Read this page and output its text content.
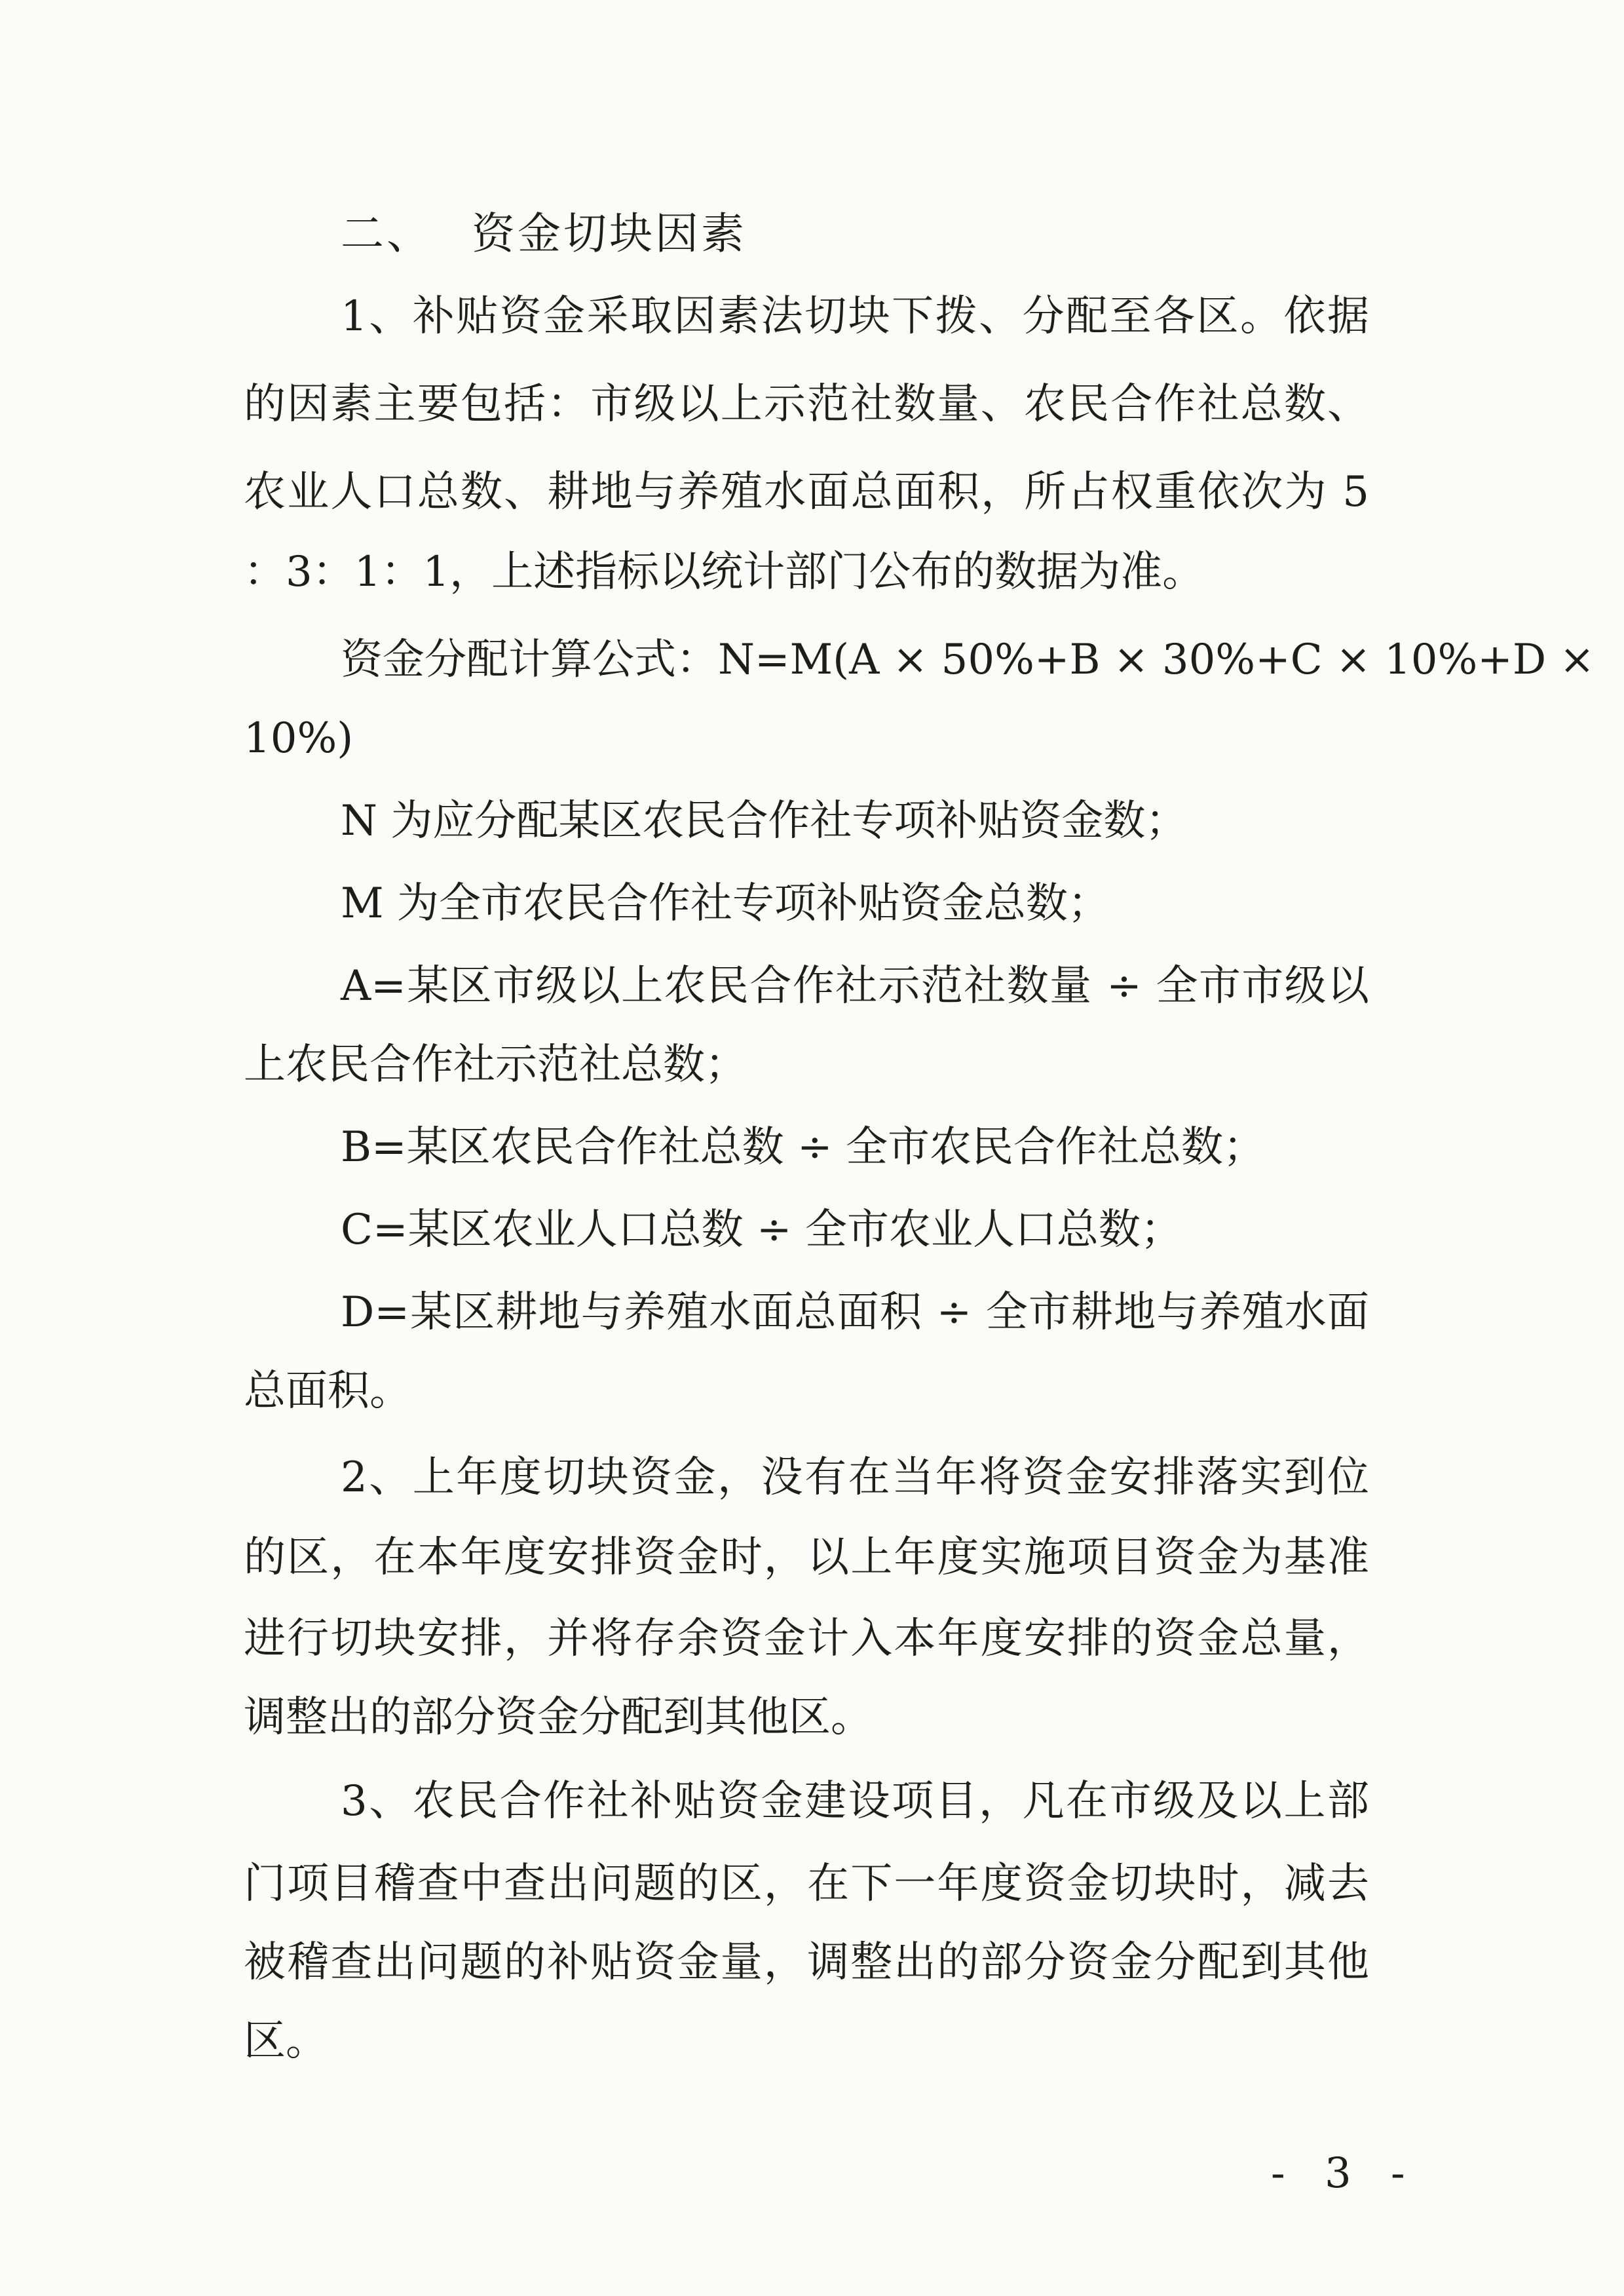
二、 资金切块因素
1、补贴资金采取因素法切块下拨、分配至各区。依据
的因素主要包括：市级以上示范社数量、农民合作社总数、
农业人口总数、耕地与养殖水面总面积，所占权重依次为 5
：3：1：1，上述指标以统计部门公布的数据为准。
资金分配计算公式：N=M(A × 50%+B × 30%+C × 10%+D ×
10%)
N 为应分配某区农民合作社专项补贴资金数；
M 为全市农民合作社专项补贴资金总数；
A=某区市级以上农民合作社示范社数量 ÷ 全市市级以
上农民合作社示范社总数；
B=某区农民合作社总数 ÷ 全市农民合作社总数；
C=某区农业人口总数 ÷ 全市农业人口总数；
D=某区耕地与养殖水面总面积 ÷ 全市耕地与养殖水面
总面积。
2、上年度切块资金，没有在当年将资金安排落实到位
的区，在本年度安排资金时，以上年度实施项目资金为基准
进行切块安排，并将存余资金计入本年度安排的资金总量，
调整出的部分资金分配到其他区。
3、农民合作社补贴资金建设项目，凡在市级及以上部
门项目稽查中查出问题的区，在下一年度资金切块时，减去
被稽查出问题的补贴资金量，调整出的部分资金分配到其他
区。
- 3 -
